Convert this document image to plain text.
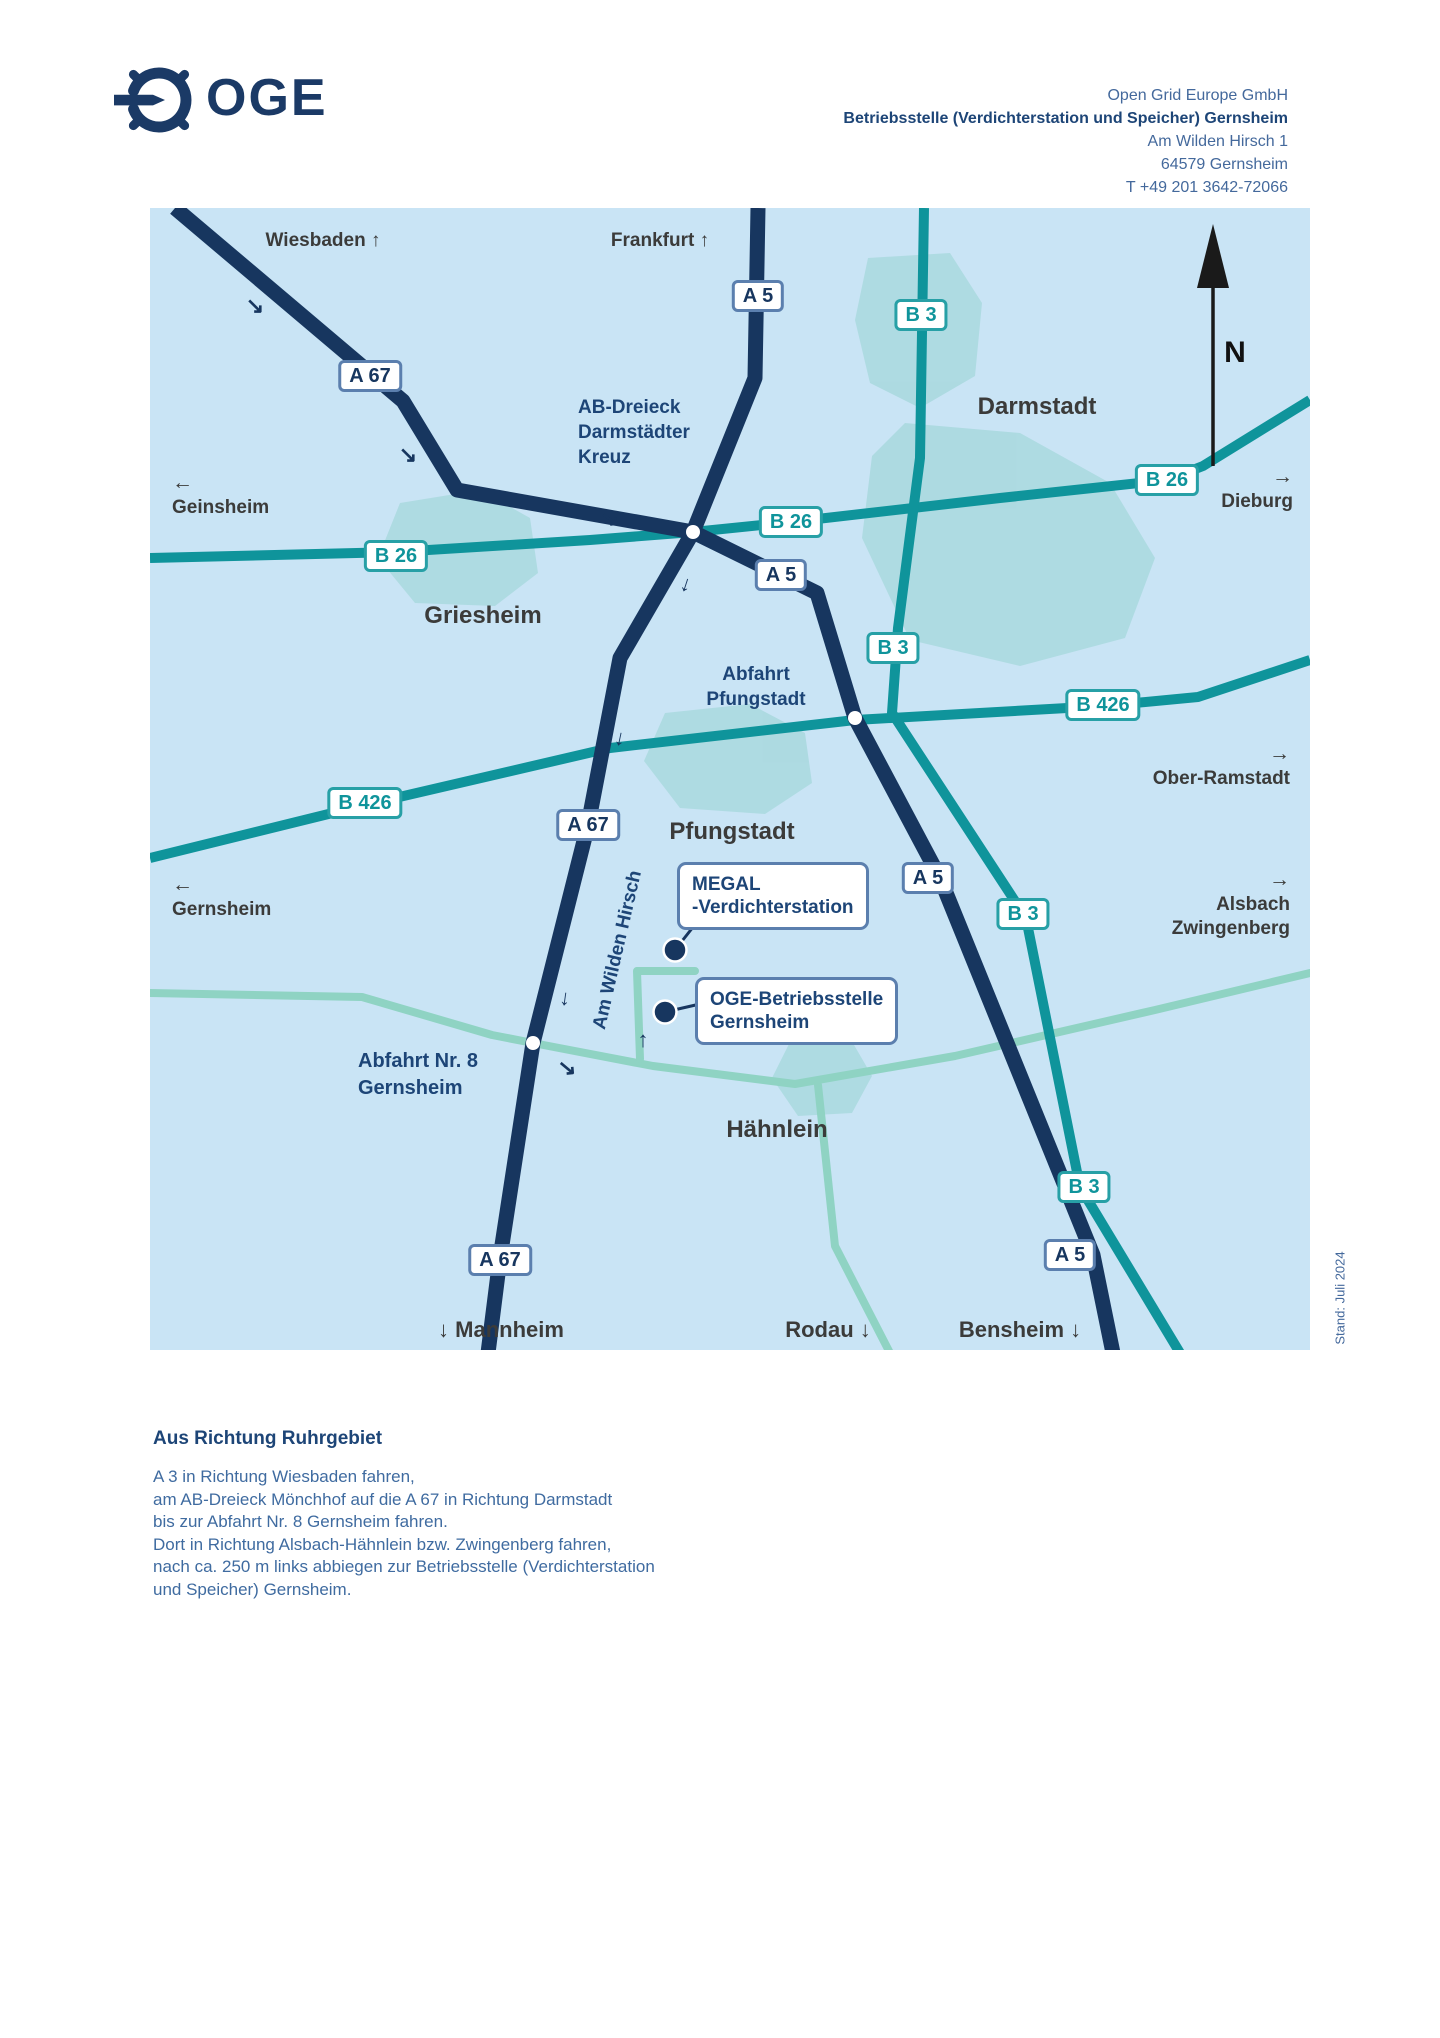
OGE	Open Grid Europe GmbH
Betriebsstelle (Verdichterstation und Speicher) Gernsheim
Am Wilden Hirsch 1
64579 Gernsheim
T +49 201 3642-72066
N
Wiesbaden ↑	Frankfurt ↑
←
Geinsheim
→
Dieburg
→
Ober-Ramstadt
←
Gernsheim
→
Alsbach
Zwingenberg
↓ Mannheim	Rodau ↓	Bensheim ↓
Darmstadt
Griesheim
Pfungstadt
Hähnlein
AB-Dreieck
Darmstädter
Kreuz
Abfahrt
Pfungstadt
Abfahrt Nr. 8
Gernsheim
Am Wilden Hirsch MEGAL
-Verdichterstation
OGE-Betriebsstelle
Gernsheim
A 67
A 5
B 3
B 26
B 26
B 26
A 5
B 3
B 426
B 426
A 67
A 5
B 3
B 3
A 5
A 67
↘
↘
↘
↓
↓
↓
↘
↑
Aus Richtung Ruhrgebiet
A 3 in Richtung Wiesbaden fahren,
am AB-Dreieck Mönchhof auf die A 67 in Richtung Darmstadt
bis zur Abfahrt Nr. 8 Gernsheim fahren.
Dort in Richtung Alsbach-Hähnlein bzw. Zwingenberg fahren,
nach ca. 250 m links abbiegen zur Betriebsstelle (Verdichterstation
und Speicher) Gernsheim.
Stand: Juli 2024
